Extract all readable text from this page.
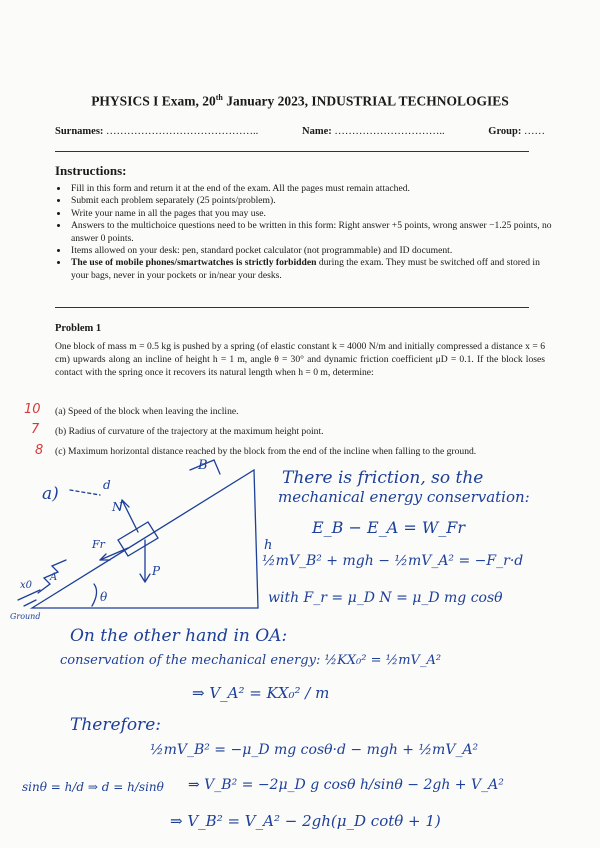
PHYSICS I Exam, 20th January 2023, INDUSTRIAL TECHNOLOGIES
Surnames: ……………………………………..	Name: …………………………..	Group: ……
Instructions:
• Fill in this form and return it at the end of the exam. All the pages must remain attached.
• Submit each problem separately (25 points/problem).
• Write your name in all the pages that you may use.
• Answers to the multichoice questions need to be written in this form: Right answer +5 points, wrong answer −1.25 points, no answer 0 points.
• Items allowed on your desk: pen, standard pocket calculator (not programmable) and ID document.
• The use of mobile phones/smartwatches is strictly forbidden during the exam. They must be switched off and stored in your bags, never in your pockets or in/near your desks.
Problem 1
One block of mass m = 0.5 kg is pushed by a spring (of elastic constant k = 4000 N/m and initially compressed a distance x = 6 cm) upwards along an incline of height h = 1 m, angle θ = 30° and dynamic friction coefficient μD = 0.1. If the block loses contact with the spring once it recovers its natural length when h = 0 m, determine:
(a) Speed of the block when leaving the incline.
(b) Radius of curvature of the trajectory at the maximum height point.
(c) Maximum horizontal distance reached by the block from the end of the incline when falling to the ground.
10
7
8
a)	d
B
N
Fr
P
h
θ
x0
A
Ground
There is friction, so the
mechanical energy conservation:
E_B − E_A = W_Fr
½mV_B² + mgh − ½mV_A² = −F_r·d
with F_r = μ_D N = μ_D mg cosθ
On the other hand in OA:
conservation of the mechanical energy: ½KX₀² = ½mV_A²
⇒ V_A² = KX₀² / m
Therefore:
½mV_B² = −μ_D mg cosθ·d − mgh + ½mV_A²
sinθ = h/d ⇒ d = h/sinθ ⇒ V_B² = −2μ_D g cosθ h/sinθ − 2gh + V_A²
⇒ V_B² = V_A² − 2gh(μ_D cotθ + 1)
